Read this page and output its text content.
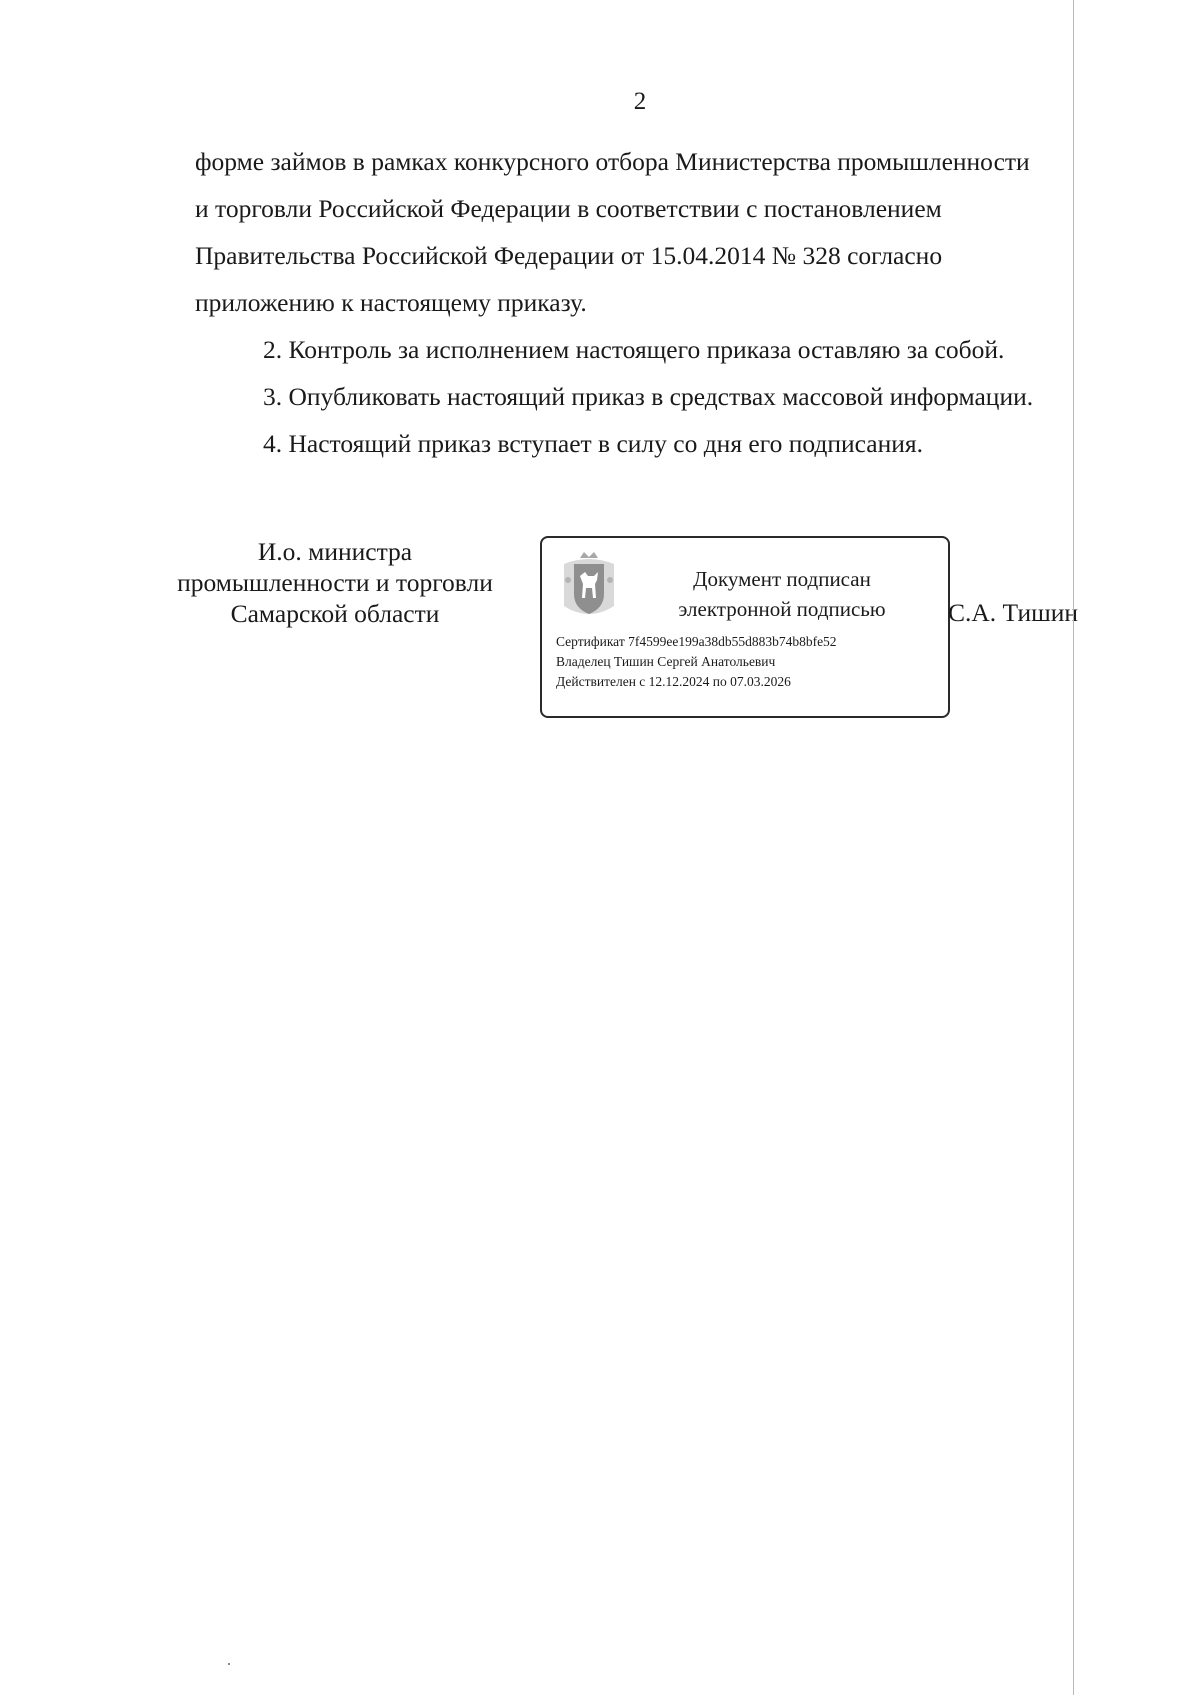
2

форме займов в рамках конкурсного отбора Министерства промышленности

и торговли Российской Федерации в соответствии с постановлением

Правительства Российской Федерации от 15.04.2014 № 328 согласно

приложению к настоящему приказу.

2. Контроль за исполнением настоящего приказа оставляю за собой.

3. Опубликовать настоящий приказ в средствах массовой информации.

4. Настоящий приказ вступает в силу со дня его подписания.

И.о. министра
промышленности и торговли
Самарской области
Документ подписан
электронной подписью
Сертификат 7f4599ee199a38db55d883b74b8bfe52
Владелец Тишин Сергей Анатольевич
Действителен с 12.12.2024 по 07.03.2026
С.А. Тишин
